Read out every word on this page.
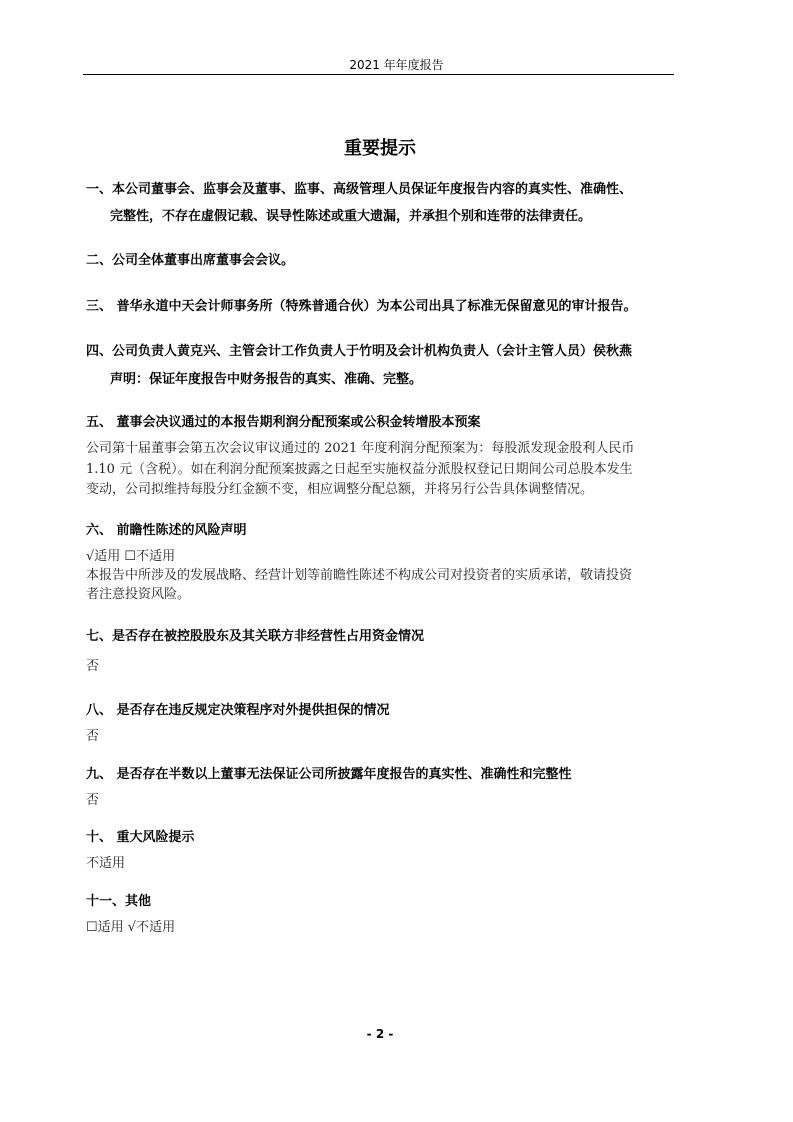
2021 年年度报告
重要提示
一、本公司董事会、监事会及董事、监事、高级管理人员保证年度报告内容的真实性、准确性、
完整性，不存在虚假记载、误导性陈述或重大遗漏，并承担个别和连带的法律责任。
二、公司全体董事出席董事会会议。
三、 普华永道中天会计师事务所（特殊普通合伙）为本公司出具了标准无保留意见的审计报告。
四、公司负责人黄克兴、主管会计工作负责人于竹明及会计机构负责人（会计主管人员）侯秋燕
声明：保证年度报告中财务报告的真实、准确、完整。
五、 董事会决议通过的本报告期利润分配预案或公积金转增股本预案
公司第十届董事会第五次会议审议通过的 2021 年度利润分配预案为：每股派发现金股利人民币
1.10 元（含税）。如在利润分配预案披露之日起至实施权益分派股权登记日期间公司总股本发生
变动，公司拟维持每股分红金额不变，相应调整分配总额，并将另行公告具体调整情况。
六、 前瞻性陈述的风险声明
√适用 ☐不适用
本报告中所涉及的发展战略、经营计划等前瞻性陈述不构成公司对投资者的实质承诺，敬请投资
者注意投资风险。
七、是否存在被控股股东及其关联方非经营性占用资金情况
否
八、 是否存在违反规定决策程序对外提供担保的情况
否
九、 是否存在半数以上董事无法保证公司所披露年度报告的真实性、准确性和完整性
否
十、 重大风险提示
不适用
十一、其他
☐适用 √不适用
- 2 -
